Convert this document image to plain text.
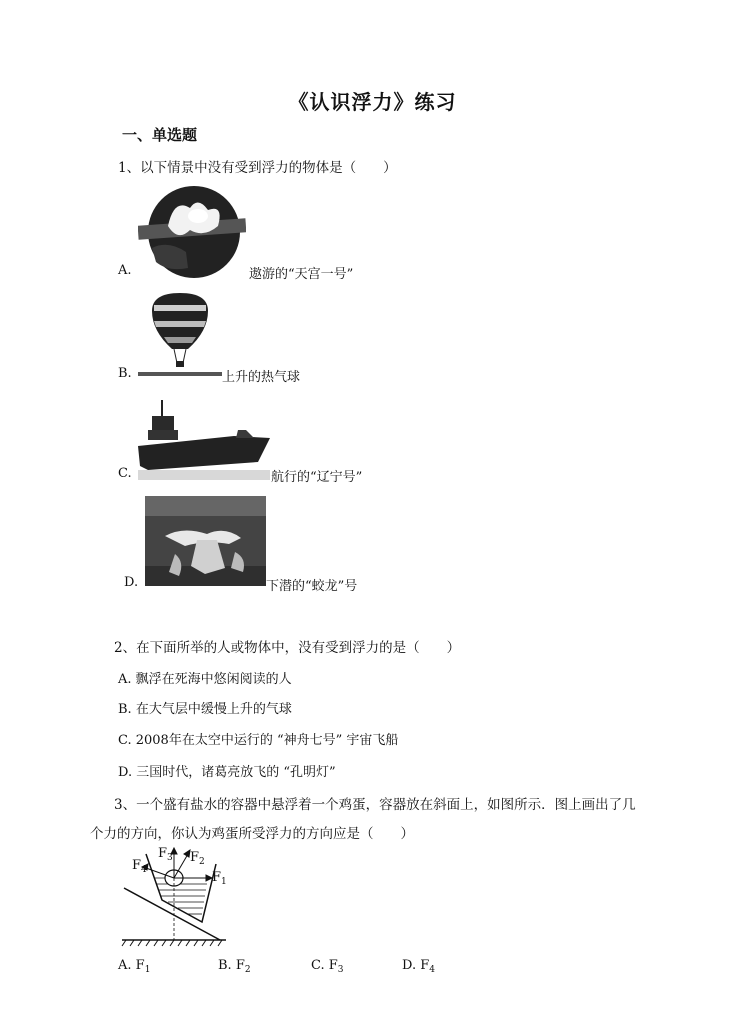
《认识浮力》练习
一、单选题
1、以下情景中没有受到浮力的物体是（　　）
A.	遨游的“天宫一号”
B.	上升的热气球
C.	航行的“辽宁号”
D.	下潜的“蛟龙”号
2、在下面所举的人或物体中，没有受到浮力的是（　　）
A. 飘浮在死海中悠闲阅读的人
B. 在大气层中缓慢上升的气球
C. 2008年在太空中运行的 “神舟七号” 宇宙飞船
D. 三国时代，诸葛亮放飞的 “孔明灯”
3、一个盛有盐水的容器中悬浮着一个鸡蛋，容器放在斜面上，如图所示．图上画出了几
个力的方向，你认为鸡蛋所受浮力的方向应是（　　）
$F_3$ $F_2$
$F_4$	$F_1$
A. $F_1$	B. $F_2$	C. $F_3$	D. $F_4$
